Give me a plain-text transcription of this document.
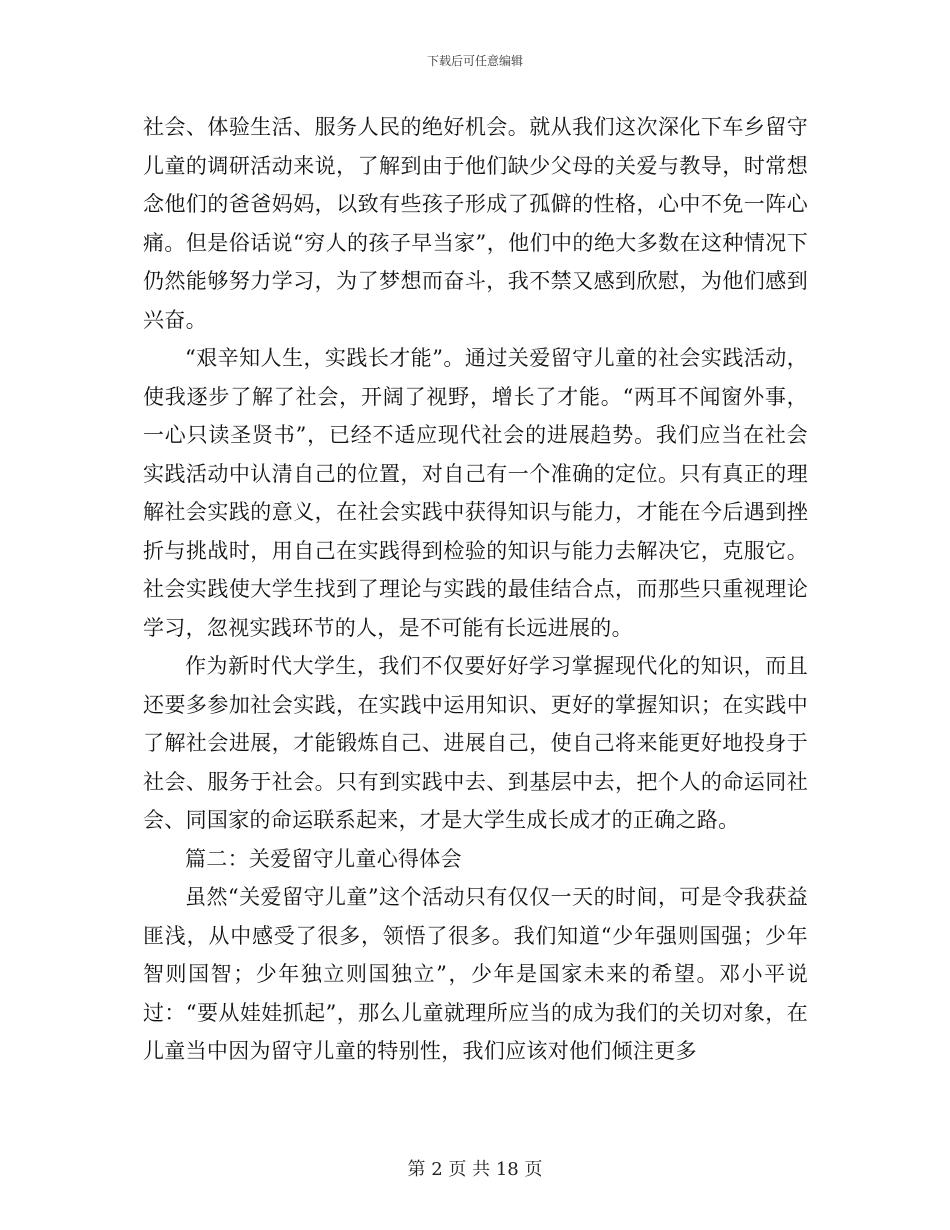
下载后可任意编辑

社会、体验生活、服务人民的绝好机会。就从我们这次深化下车乡留守儿童的调研活动来说，了解到由于他们缺少父母的关爱与教导，时常想念他们的爸爸妈妈，以致有些孩子形成了孤僻的性格，心中不免一阵心痛。但是俗话说“穷人的孩子早当家”，他们中的绝大多数在这种情况下仍然能够努力学习，为了梦想而奋斗，我不禁又感到欣慰，为他们感到兴奋。

“艰辛知人生，实践长才能”。通过关爱留守儿童的社会实践活动，使我逐步了解了社会，开阔了视野，增长了才能。“两耳不闻窗外事，一心只读圣贤书”，已经不适应现代社会的进展趋势。我们应当在社会实践活动中认清自己的位置，对自己有一个准确的定位。只有真正的理解社会实践的意义，在社会实践中获得知识与能力，才能在今后遇到挫折与挑战时，用自己在实践得到检验的知识与能力去解决它，克服它。社会实践使大学生找到了理论与实践的最佳结合点，而那些只重视理论学习，忽视实践环节的人，是不可能有长远进展的。

作为新时代大学生，我们不仅要好好学习掌握现代化的知识，而且还要多参加社会实践，在实践中运用知识、更好的掌握知识；在实践中了解社会进展，才能锻炼自己、进展自己，使自己将来能更好地投身于社会、服务于社会。只有到实践中去、到基层中去，把个人的命运同社会、同国家的命运联系起来，才是大学生成长成才的正确之路。

篇二：关爱留守儿童心得体会

虽然“关爱留守儿童”这个活动只有仅仅一天的时间，可是令我获益匪浅，从中感受了很多，领悟了很多。我们知道“少年强则国强；少年智则国智；少年独立则国独立”，少年是国家未来的希望。邓小平说过：“要从娃娃抓起”，那么儿童就理所应当的成为我们的关切对象，在儿童当中因为留守儿童的特别性，我们应该对他们倾注更多

第 2 页 共 18 页
